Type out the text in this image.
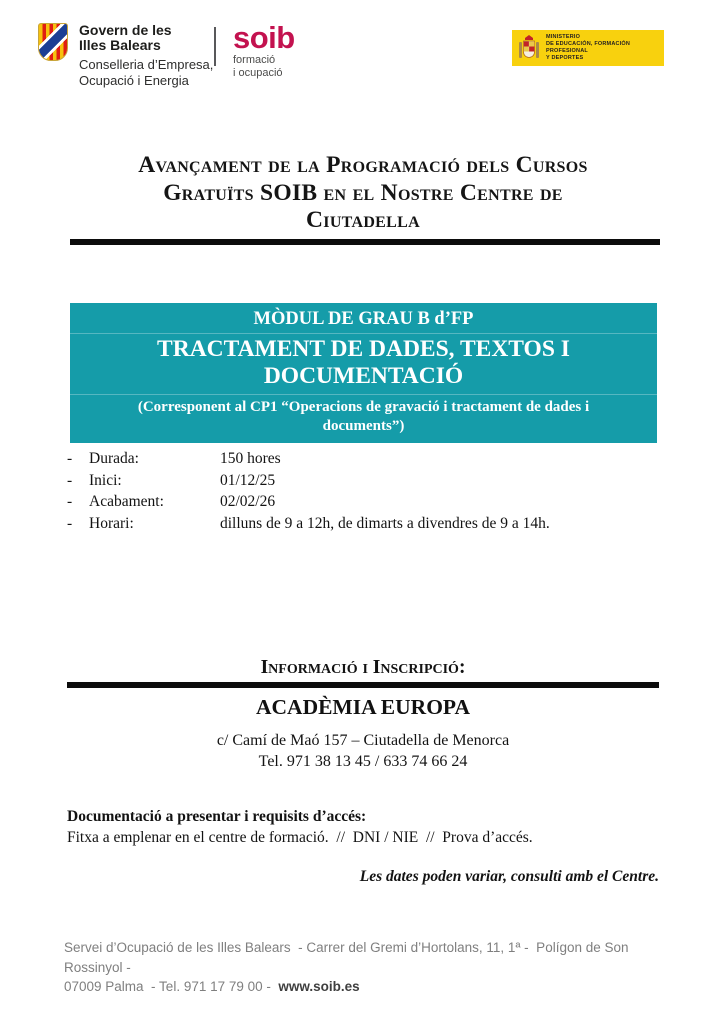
Govern de les
Illes Balears
Conselleria d’Empresa,
Ocupació i Energia
soib
formació
i ocupació
MINISTERIO
DE EDUCACIÓN, FORMACIÓN PROFESIONAL
Y DEPORTES
Avançament de la Programació dels Cursos
Gratuïts SOIB en el Nostre Centre de
Ciutadella
MÒDUL DE GRAU B d’FP
TRACTAMENT DE DADES, TEXTOS I DOCUMENTACIÓ
(Corresponent al CP1 “Operacions de gravació i tractament de dades i documents”)
-	Durada:	150 hores
-	Inici:	01/12/25
-	Acabament:	02/02/26
-	Horari:	dilluns de 9 a 12h, de dimarts a divendres de 9 a 14h.
Informació i Inscripció:
ACADÈMIA EUROPA
c/ Camí de Maó 157 – Ciutadella de Menorca
Tel. 971 38 13 45 / 633 74 66 24
Documentació a presentar i requisits d’accés:
Fitxa a emplenar en el centre de formació.  //  DNI / NIE  //  Prova d’accés.
Les dates poden variar, consulti amb el Centre.
Servei d’Ocupació de les Illes Balears  - Carrer del Gremi d’Hortolans, 11, 1ª -  Polígon de Son Rossinyol -
07009 Palma  - Tel. 971 17 79 00 -  www.soib.es
